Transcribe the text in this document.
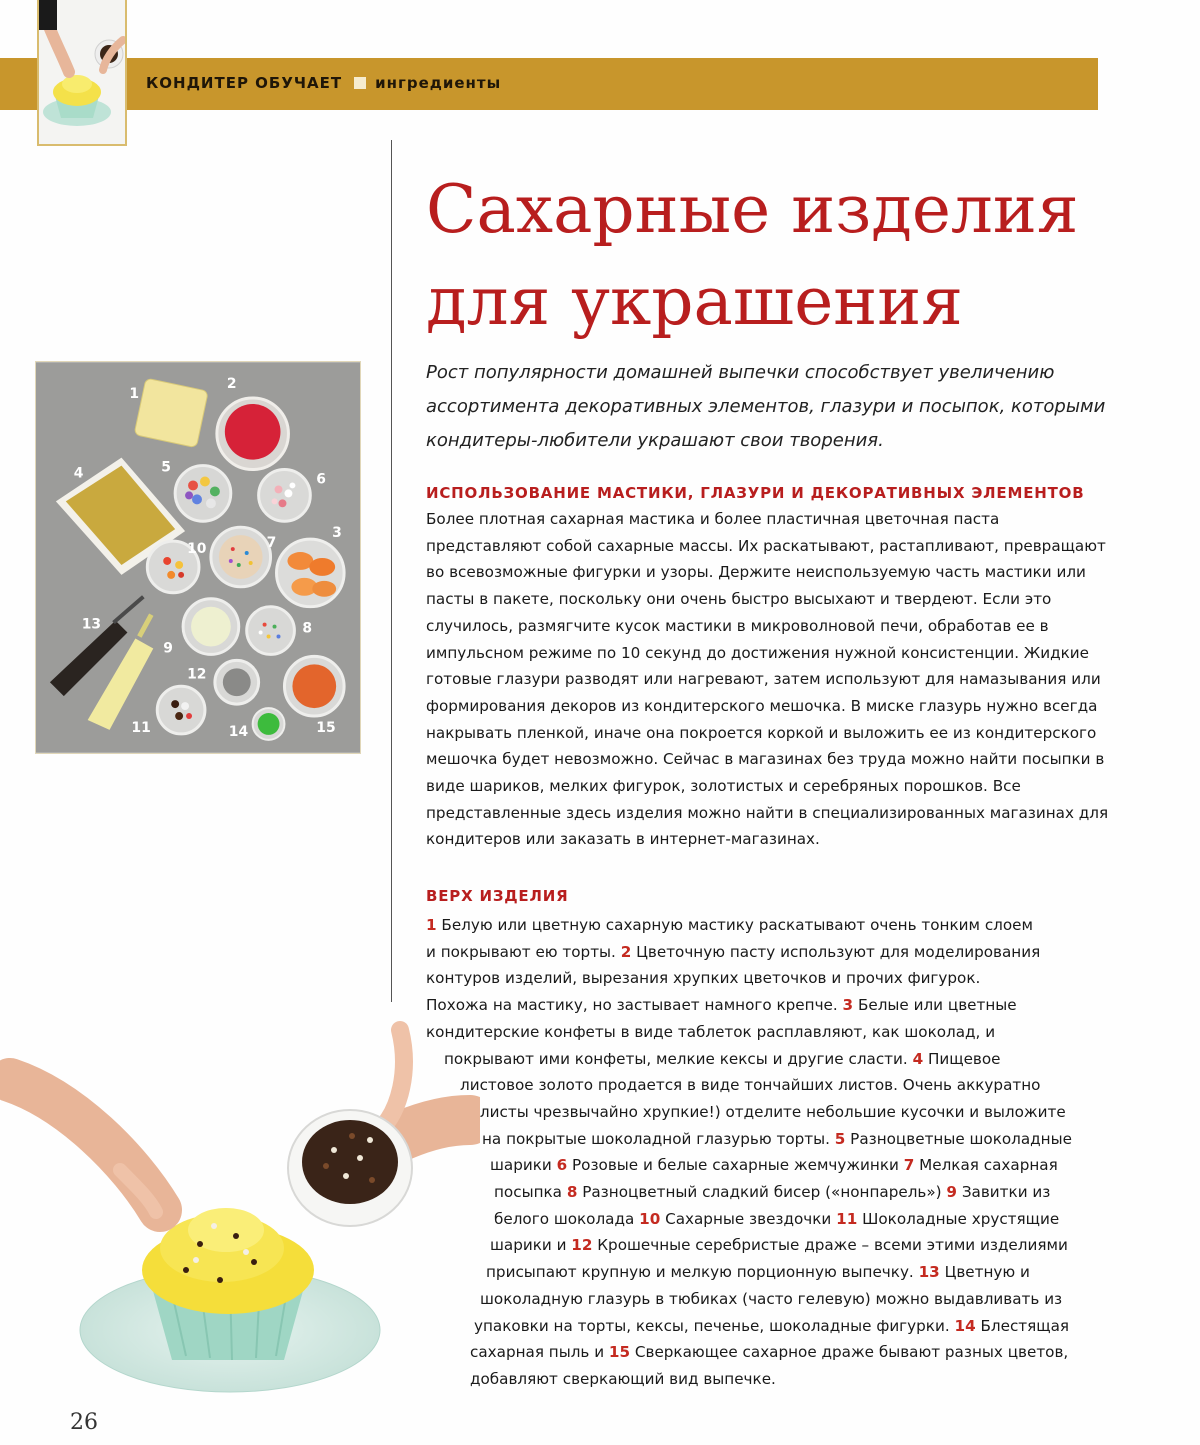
КОНДИТЕР ОБУЧАЕТ ингредиенты
Сахарные изделия
для украшения
Рост популярности домашней выпечки способствует увеличению ассортимента декоративных элементов, глазури и посыпок, которыми кондитеры-любители украшают свои творения.
ИСПОЛЬЗОВАНИЕ МАСТИКИ, ГЛАЗУРИ И ДЕКОРАТИВНЫХ ЭЛЕМЕНТОВ
Более плотная сахарная мастика и более пластичная цветочная паста представляют собой сахарные массы. Их раскатывают, растапливают, превращают во всевозможные фигурки и узоры. Держите неиспользуемую часть мастики или пасты в пакете, поскольку они очень быстро высыхают и твердеют. Если это случилось, размягчите кусок мастики в микроволновой печи, обработав ее в импульсном режиме по 10 секунд до достижения нужной консистенции. Жидкие готовые глазури разводят или нагревают, затем используют для намазывания или формирования декоров из кондитерского мешочка. В миске глазурь нужно всегда накрывать пленкой, иначе она покроется коркой и выложить ее из кондитерского мешочка будет невозможно. Сейчас в магазинах без труда можно найти посыпки в виде шариков, мелких фигурок, золотистых и серебряных порошков. Все представленные здесь изделия можно найти в специализированных магазинах для кондитеров или заказать в интернет-магазинах.
ВЕРХ ИЗДЕЛИЯ
1 Белую или цветную сахарную мастику раскатывают очень тонким слоем
и покрывают ею торты. 2 Цветочную пасту используют для моделирования
контуров изделий, вырезания хрупких цветочков и прочих фигурок.
Похожа на мастику, но застывает намного крепче. 3 Белые или цветные
кондитерские конфеты в виде таблеток расплавляют, как шоколад, и
покрывают ими конфеты, мелкие кексы и другие сласти. 4 Пищевое
листовое золото продается в виде тончайших листов. Очень аккуратно
(листы чрезвычайно хрупкие!) отделите небольшие кусочки и выложите
на покрытые шоколадной глазурью торты. 5 Разноцветные шоколадные
шарики 6 Розовые и белые сахарные жемчужинки 7 Мелкая сахарная
посыпка 8 Разноцветный сладкий бисер («нонпарель») 9 Завитки из
белого шоколада 10 Сахарные звездочки 11 Шоколадные хрустящие
шарики и 12 Крошечные серебристые драже – всеми этими изделиями
присыпают крупную и мелкую порционную выпечку. 13 Цветную и
шоколадную глазурь в тюбиках (часто гелевую) можно выдавливать из
упаковки на торты, кексы, печенье, шоколадные фигурки. 14 Блестящая
сахарная пыль и 15 Сверкающее сахарное драже бывают разных цветов,
добавляют сверкающий вид выпечке.
1
2
3
4	5
6
7
8
9
10
11
12
13
14	15
26
